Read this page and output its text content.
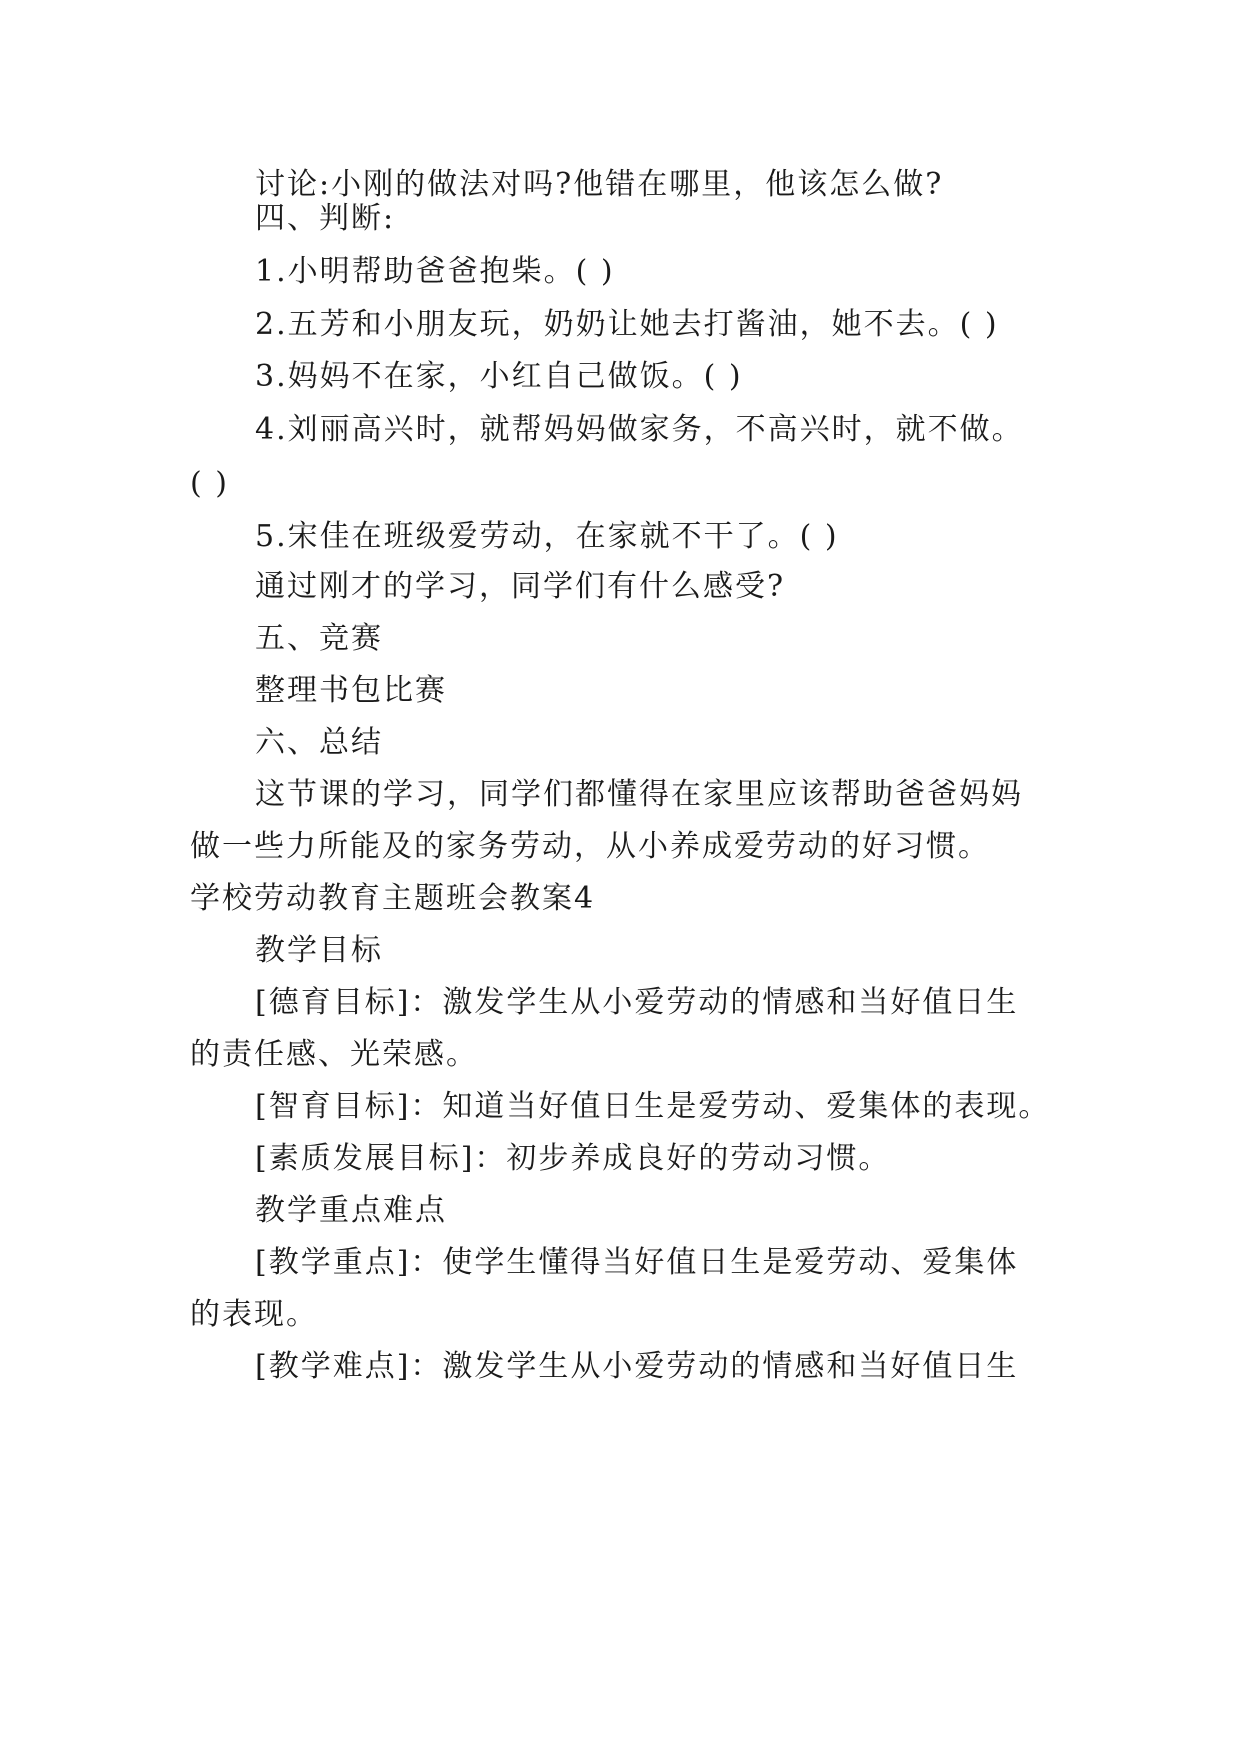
讨论:小刚的做法对吗?他错在哪里，他该怎么做?
四、判断:
1.小明帮助爸爸抱柴。( )
2.五芳和小朋友玩，奶奶让她去打酱油，她不去。( )
3.妈妈不在家，小红自己做饭。( )
4.刘丽高兴时，就帮妈妈做家务，不高兴时，就不做。
( )
5.宋佳在班级爱劳动，在家就不干了。( )
通过刚才的学习，同学们有什么感受?
五、竞赛
整理书包比赛
六、总结
这节课的学习，同学们都懂得在家里应该帮助爸爸妈妈
做一些力所能及的家务劳动，从小养成爱劳动的好习惯。
学校劳动教育主题班会教案4
教学目标
[德育目标]：激发学生从小爱劳动的情感和当好值日生
的责任感、光荣感。
[智育目标]：知道当好值日生是爱劳动、爱集体的表现。
[素质发展目标]：初步养成良好的劳动习惯。
教学重点难点
[教学重点]：使学生懂得当好值日生是爱劳动、爱集体
的表现。
[教学难点]：激发学生从小爱劳动的情感和当好值日生
